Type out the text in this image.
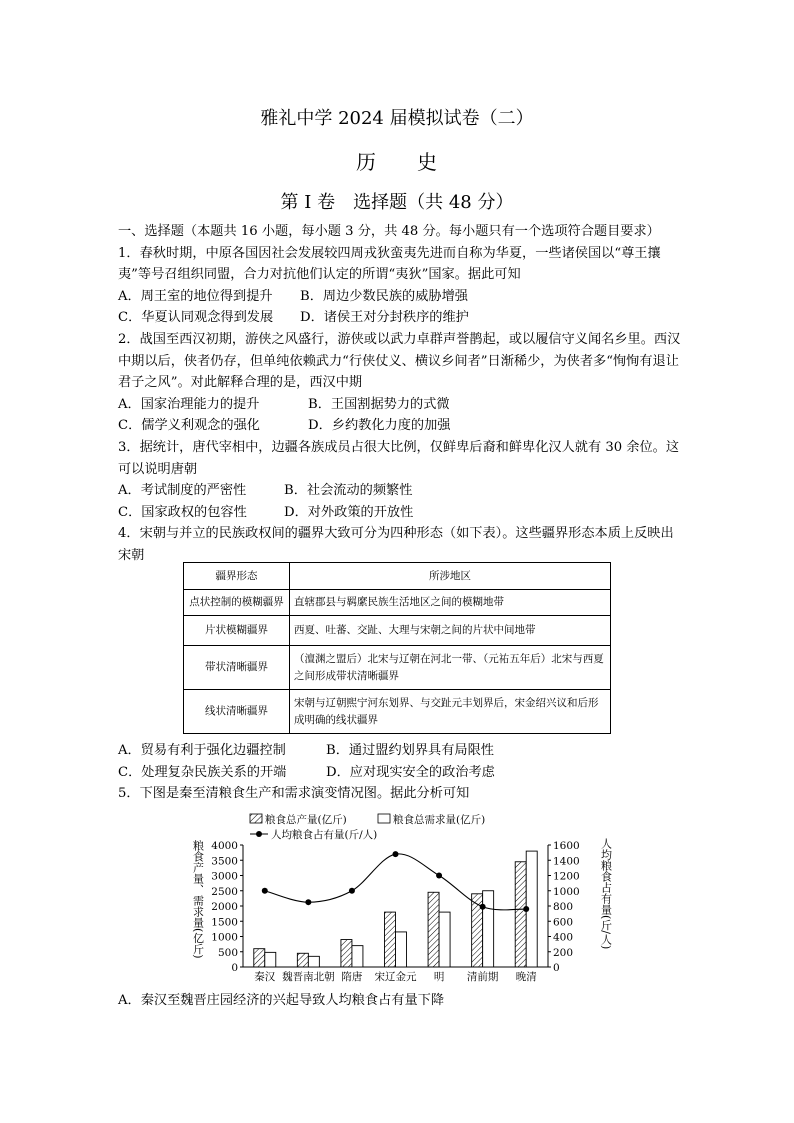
雅礼中学 2024 届模拟试卷（二）
历 史
第 I 卷　选择题（共 48 分）

一、选择题（本题共 16 小题，每小题 3 分，共 48 分。每小题只有一个选项符合题目要求）

1．春秋时期，中原各国因社会发展较四周戎狄蛮夷先进而自称为华夏，一些诸侯国以“尊王攘夷”等号召组织同盟，合力对抗他们认定的所谓“夷狄”国家。据此可知

A．周王室的地位得到提升 B．周边少数民族的威胁增强

C．华夏认同观念得到发展 D．诸侯王对分封秩序的维护

2．战国至西汉初期，游侠之风盛行，游侠或以武力卓群声誉鹊起，或以履信守义闻名乡里。西汉中期以后，侠者仍存，但单纯依赖武力“行侠仗义、横议乡间者”日渐稀少，为侠者多“恂恂有退让君子之风”。对此解释合理的是，西汉中期

A．国家治理能力的提升	B．王国割据势力的式微

C．儒学义利观念的强化	D．乡约教化力度的加强

3．据统计，唐代宰相中，边疆各族成员占很大比例，仅鲜卑后裔和鲜卑化汉人就有 30 余位。这可以说明唐朝

A．考试制度的严密性	B．社会流动的频繁性

C．国家政权的包容性	D．对外政策的开放性

4．宋朝与并立的民族政权间的疆界大致可分为四种形态（如下表）。这些疆界形态本质上反映出宋朝

疆界形态	所涉地区
点状控制的模糊疆界	直辖郡县与羁縻民族生活地区之间的模糊地带
片状模糊疆界	西夏、吐蕃、交趾、大理与宋朝之间的片状中间地带
带状清晰疆界	（澶渊之盟后）北宋与辽朝在河北一带、（元祐五年后）北宋与西夏之间形成带状清晰疆界
线状清晰疆界	宋朝与辽朝熙宁河东划界、与交趾元丰划界后，宋金绍兴议和后形成明确的线状疆界

A．贸易有利于强化边疆控制	B．通过盟约划界具有局限性

C．处理复杂民族关系的开端	D．应对现实安全的政治考虑

5．下图是秦至清粮食生产和需求演变情况图。据此分析可知

粮食总产量(亿斤)	粮食总需求量(亿斤)
人均粮食占有量(斤/人)
0
500
1000
1500
2000
2500
3000
3500
4000
0
200
400
600
800
1000
1200
1400
1600
秦汉 魏晋南北朝 隋唐 宋辽金元 明 清前期 晚清
粮食产量、需求量(亿斤)	人均粮食占有量(斤/人)
A．秦汉至魏晋庄园经济的兴起导致人均粮食占有量下降
